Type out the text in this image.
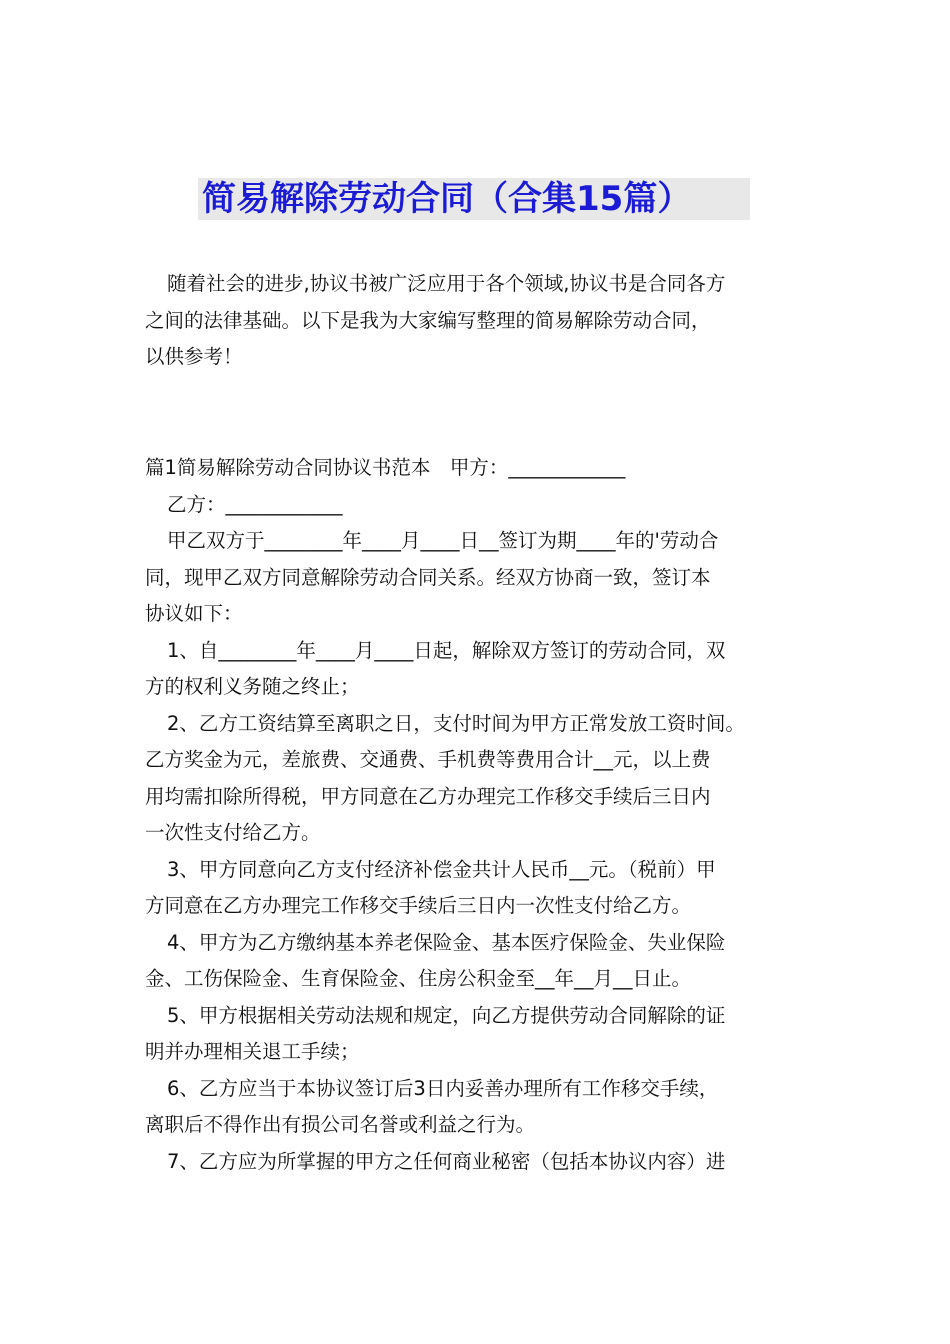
简易解除劳动合同（合集15篇）
随着社会的进步,协议书被广泛应用于各个领域,协议书是合同各方
之间的法律基础。以下是我为大家编写整理的简易解除劳动合同，
以供参考！
篇1简易解除劳动合同协议书范本　甲方：____________
乙方：____________
甲乙双方于________年____月____日__签订为期____年的'劳动合
同，现甲乙双方同意解除劳动合同关系。经双方协商一致，签订本
协议如下：
1、自________年____月____日起，解除双方签订的劳动合同，双
方的权利义务随之终止；
2、乙方工资结算至离职之日，支付时间为甲方正常发放工资时间。
乙方奖金为元，差旅费、交通费、手机费等费用合计__元，以上费
用均需扣除所得税，甲方同意在乙方办理完工作移交手续后三日内
一次性支付给乙方。
3、甲方同意向乙方支付经济补偿金共计人民币__元。（税前）甲
方同意在乙方办理完工作移交手续后三日内一次性支付给乙方。
4、甲方为乙方缴纳基本养老保险金、基本医疗保险金、失业保险
金、工伤保险金、生育保险金、住房公积金至__年__月__日止。
5、甲方根据相关劳动法规和规定，向乙方提供劳动合同解除的证
明并办理相关退工手续；
6、乙方应当于本协议签订后3日内妥善办理所有工作移交手续，
离职后不得作出有损公司名誉或利益之行为。
7、乙方应为所掌握的甲方之任何商业秘密（包括本协议内容）进
